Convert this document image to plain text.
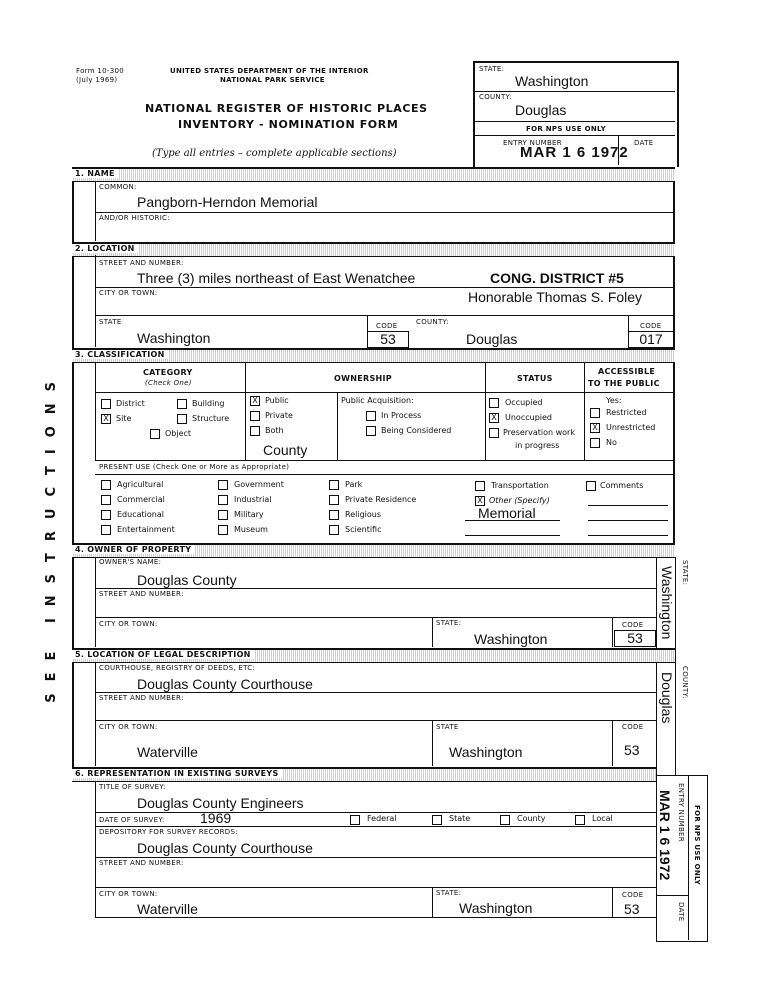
Form 10-300
(July 1969)
UNITED STATES DEPARTMENT OF THE INTERIOR
NATIONAL PARK SERVICE
NATIONAL REGISTER OF HISTORIC PLACES
INVENTORY - NOMINATION FORM
(Type all entries – complete applicable sections)
STATE:
Washington
COUNTY:
Douglas
FOR NPS USE ONLY
ENTRY NUMBER	DATE
MAR 1 6 1972
1. NAME
COMMON:
Pangborn-Herndon Memorial
AND/OR HISTORIC:
2. LOCATION
STREET AND NUMBER:
Three (3) miles northeast of East Wenatchee	CONG. DISTRICT #5
CITY OR TOWN:	Honorable Thomas S. Foley
STATE
Washington
CODE
53
COUNTY:
Douglas
CODE
017
3. CLASSIFICATION
CATEGORY
(Check One)	OWNERSHIP	STATUS
ACCESSIBLE
TO THE PUBLIC
District	Building
X Site	Structure
Object
X Public
Private
Both
County
Public Acquisition:
In Process
Being Considered
Occupied
X Unoccupied
Preservation work
in progress
Yes:
Restricted
X Unrestricted
No
PRESENT USE (Check One or More as Appropriate)
Agricultural
Commercial
Educational
Entertainment
Government
Industrial
Military
Museum
Park
Private Residence
Religious
Scientific
Transportation
X Other (Specify)
Memorial
Comments
SEE INSTRUCTIONS	4. OWNER OF PROPERTY
OWNER'S NAME:
Douglas County
STREET AND NUMBER:
CITY OR TOWN:	STATE:
Washington
CODE
53
STATE:
Washington
5. LOCATION OF LEGAL DESCRIPTION
COURTHOUSE, REGISTRY OF DEEDS, ETC:
Douglas County Courthouse
STREET AND NUMBER:
CITY OR TOWN:
Waterville
STATE
Washington
CODE
53
COUNTY:
Douglas
6. REPRESENTATION IN EXISTING SURVEYS
TITLE OF SURVEY:
Douglas County Engineers
DATE OF SURVEY:	1969	Federal	State	County	Local
DEPOSITORY FOR SURVEY RECORDS:
Douglas County Courthouse
STREET AND NUMBER:
CITY OR TOWN:
Waterville
STATE:
Washington
CODE
53
ENTRY NUMBER
DATE
FOR NPS USE ONLY
MAR 1 6 1972
